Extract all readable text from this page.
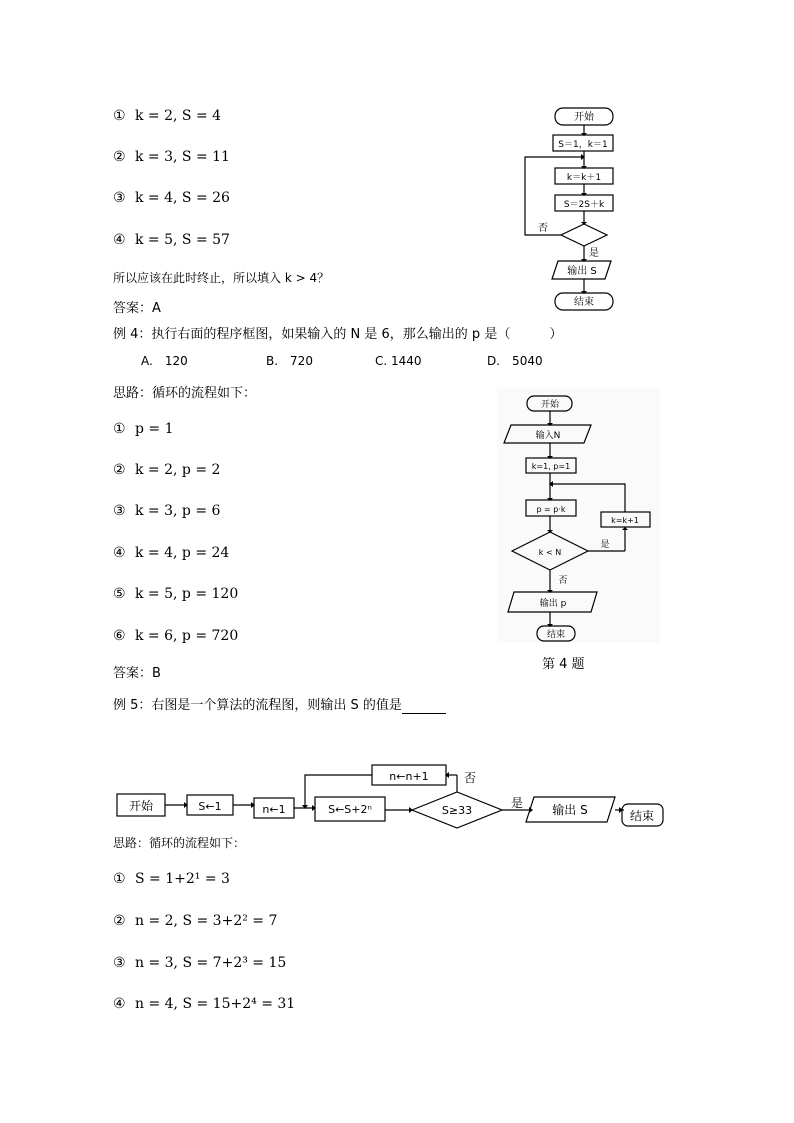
① k = 2, S = 4
② k = 3, S = 11
③ k = 4, S = 26
④ k = 5, S = 57
所以应该在此时终止，所以填入 k > 4？
答案：A
开始
S＝1，k＝1
k＝k＋1
S＝2S＋k
否
是
输出 S
结束
例 4：执行右面的程序框图，如果输入的 N 是 6，那么输出的 p 是（　　　）
A.　120	B.　720	C. 1440	D.　5040
思路：循环的流程如下：
① p = 1
② k = 2, p = 2
③ k = 3, p = 6
④ k = 4, p = 24
⑤ k = 5, p = 120
⑥ k = 6, p = 720
答案：B
开始
输入N
k=1, p=1
p = p·k
k < N
是
k=k+1
否
输出 p
结束
第 4 题
例 5：右图是一个算法的流程图，则输出 S 的值是
开始	S←1	n←1	S←S+2ⁿ	S≥33
n←n+1	否
是 输出 S	结束
思路：循环的流程如下：
① S = 1+2¹ = 3
② n = 2, S = 3+2² = 7
③ n = 3, S = 7+2³ = 15
④ n = 4, S = 15+2⁴ = 31
